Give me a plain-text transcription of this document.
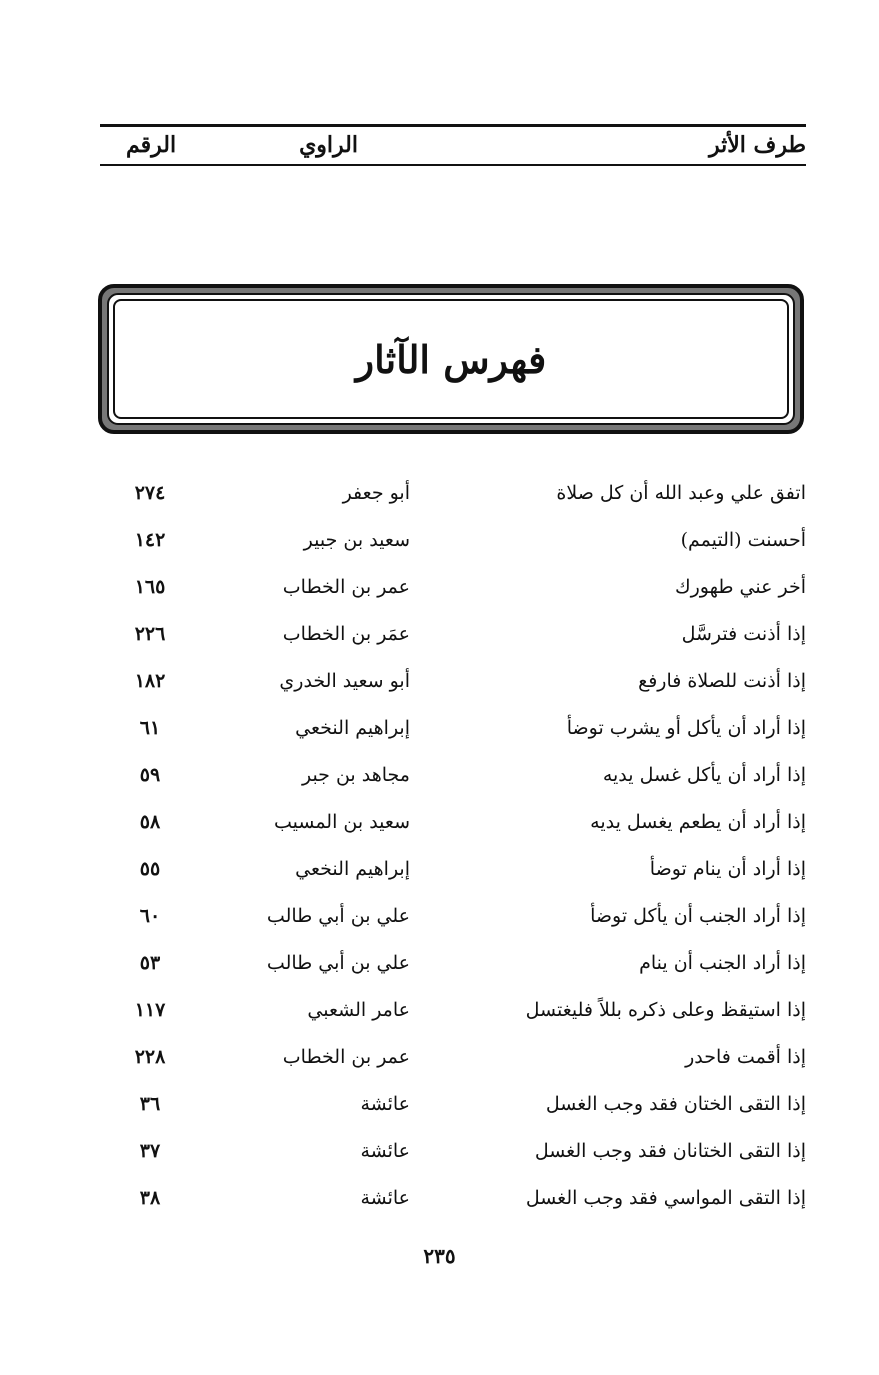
طرف الأثر
الراوي
الرقم
فهرس الآثار
اتفق علي وعبد الله أن كل صلاة
أبو جعفر
٢٧٤
أحسنت (التيمم)
سعيد بن جبير
١٤٢
أخر عني طهورك
عمر بن الخطاب
١٦٥
إذا أذنت فترسَّل
عمَر بن الخطاب
٢٢٦
إذا أذنت للصلاة فارفع
أبو سعيد الخدري
١٨٢
إذا أراد أن يأكل أو يشرب توضأ
إبراهيم النخعي
٦١
إذا أراد أن يأكل غسل يديه
مجاهد بن جبر
٥٩
إذا أراد أن يطعم يغسل يديه
سعيد بن المسيب
٥٨
إذا أراد أن ينام توضأ
إبراهيم النخعي
٥٥
إذا أراد الجنب أن يأكل توضأ
علي بن أبي طالب
٦٠
إذا أراد الجنب أن ينام
علي بن أبي طالب
٥٣
إذا استيقظ وعلى ذكره بللاً فليغتسل
عامر الشعبي
١١٧
إذا أقمت فاحدر
عمر بن الخطاب
٢٢٨
إذا التقى الختان فقد وجب الغسل
عائشة
٣٦
إذا التقى الختانان فقد وجب الغسل
عائشة
٣٧
إذا التقى المواسي فقد وجب الغسل
عائشة
٣٨
٢٣٥
